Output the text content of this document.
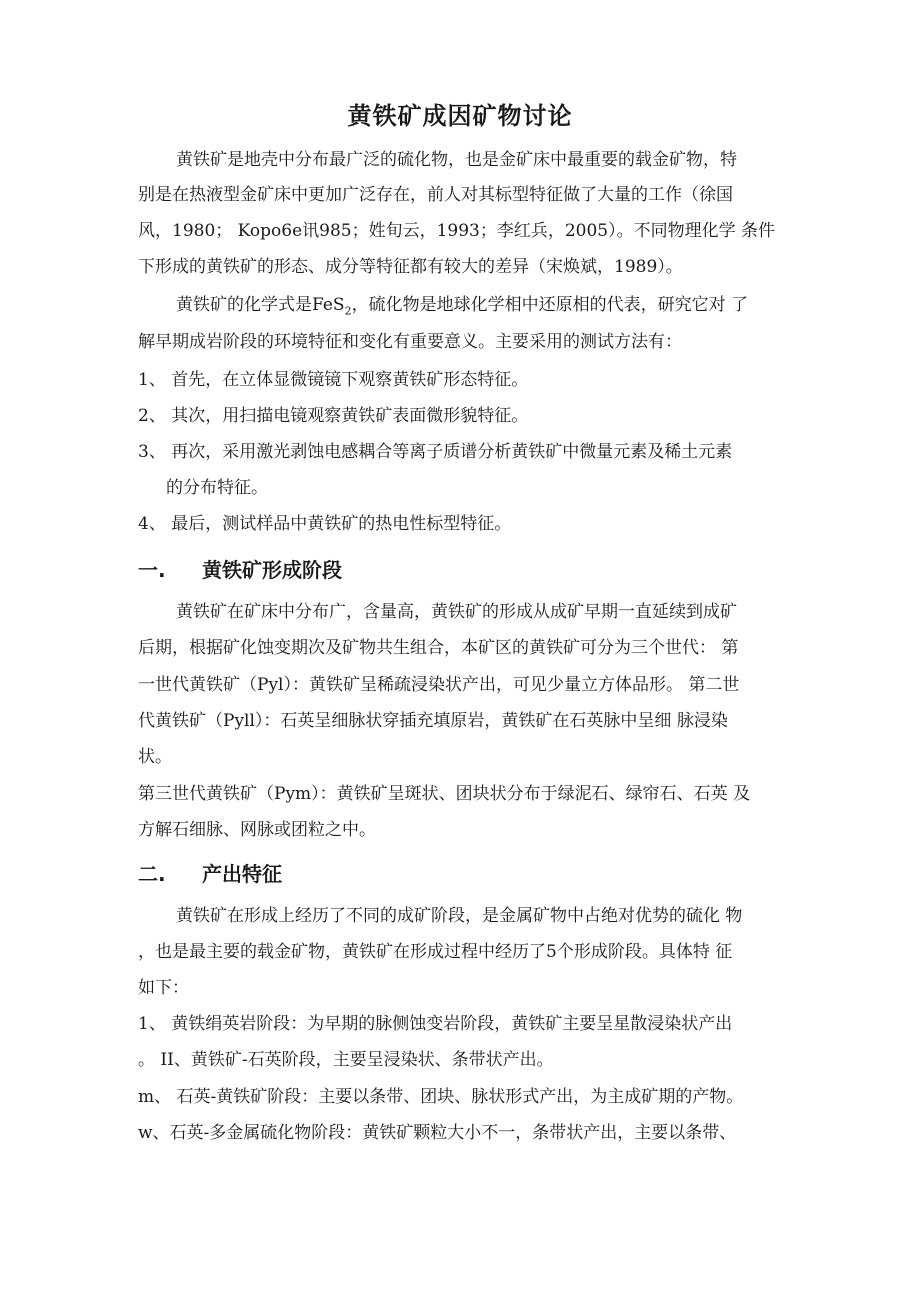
黄铁矿成因矿物讨论

黄铁矿是地壳中分布最广泛的硫化物，也是金矿床中最重要的载金矿物，特

别是在热液型金矿床中更加广泛存在，前人对其标型特征做了大量的工作（徐国

风，1980； Kopo6e讯985；姓旬云，1993；李红兵，2005）。不同物理化学 条件

下形成的黄铁矿的形态、成分等特征都有较大的差异（宋焕斌，1989）。

黄铁矿的化学式是FeS$_2$，硫化物是地球化学相中还原相的代表，研究它对 了

解早期成岩阶段的环境特征和变化有重要意义。主要采用的测试方法有：

1、 首先，在立体显微镜镜下观察黄铁矿形态特征。

2、 其次，用扫描电镜观察黄铁矿表面微形貌特征。

3、 再次，采用激光剥蚀电感耦合等离子质谱分析黄铁矿中微量元素及稀土元素

的分布特征。

4、 最后，测试样品中黄铁矿的热电性标型特征。

一. 黄铁矿形成阶段

黄铁矿在矿床中分布广，含量高，黄铁矿的形成从成矿早期一直延续到成矿

后期，根据矿化蚀变期次及矿物共生组合，本矿区的黄铁矿可分为三个世代： 第

一世代黄铁矿（Pyl）：黄铁矿呈稀疏浸染状产出，可见少量立方体品形。 第二世

代黄铁矿（Pyll）：石英呈细脉状穿插充填原岩，黄铁矿在石英脉中呈细 脉浸染

状。

第三世代黄铁矿（Pym）：黄铁矿呈斑状、团块状分布于绿泥石、绿帘石、石英 及

方解石细脉、网脉或团粒之中。

二. 产出特征

黄铁矿在形成上经历了不同的成矿阶段，是金属矿物中占绝对优势的硫化 物

，也是最主要的载金矿物，黄铁矿在形成过程中经历了5个形成阶段。具体特 征

如下：

1、 黄铁绢英岩阶段：为早期的脉侧蚀变岩阶段，黄铁矿主要呈星散浸染状产出

。 II、黄铁矿-石英阶段，主要呈浸染状、条带状产出。

m、 石英-黄铁矿阶段：主要以条带、团块、脉状形式产出，为主成矿期的产物。

w、石英-多金属硫化物阶段：黄铁矿颗粒大小不一，条带状产出，主要以条带、
